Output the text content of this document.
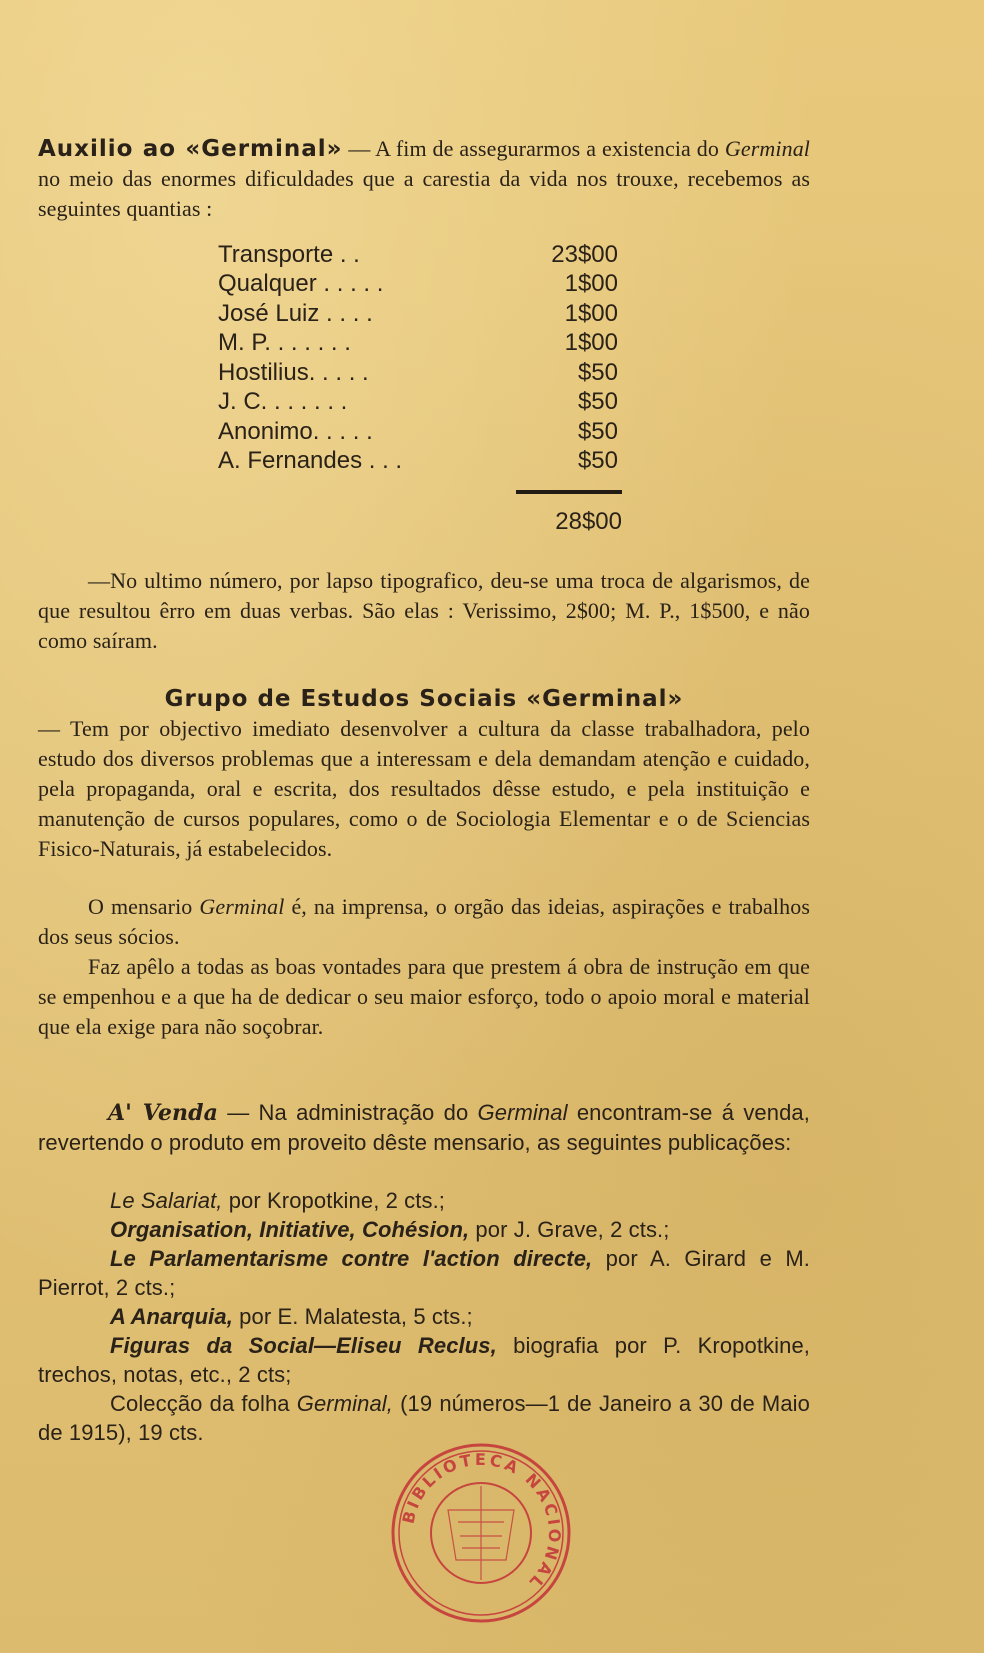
Auxilio ao «Germinal» — A fim de assegurarmos a existencia do Germinal no meio das enormes dificuldades que a carestia da vida nos trouxe, recebemos as seguintes quantias :
Transporte . .	23$00
Qualquer . . . . .	1$00
José Luiz . . . .	1$00
M. P. . . . . . .	1$00
Hostilius. . . . .	$50
J. C. . . . . . .	$50
Anonimo. . . . .	$50
A. Fernandes . . .	$50
28$00
—No ultimo número, por lapso tipografico, deu-se uma troca de algarismos, de que resultou êrro em duas verbas. São elas : Verissimo, 2$00; M. P., 1$500, e não como saíram.
Grupo de Estudos Sociais «Germinal»
— Tem por objectivo imediato desenvolver a cultura da classe trabalhadora, pelo estudo dos diversos problemas que a interessam e dela demandam atenção e cuidado, pela propaganda, oral e escrita, dos resultados dêsse estudo, e pela instituição e manutenção de cursos populares, como o de Sociologia Elementar e o de Sciencias Fisico-Naturais, já estabelecidos.
O mensario Germinal é, na imprensa, o orgão das ideias, aspirações e trabalhos dos seus sócios.
Faz apêlo a todas as boas vontades para que prestem á obra de instrução em que se empenhou e a que ha de dedicar o seu maior esforço, todo o apoio moral e material que ela exige para não soçobrar.
A' Venda — Na administração do Germinal encontram-se á venda, revertendo o produto em proveito dêste mensario, as seguintes publicações:
Le Salariat, por Kropotkine, 2 cts.;
Organisation, Initiative, Cohésion, por J. Grave, 2 cts.;
Le Parlamentarisme contre l'action directe, por A. Girard e M. Pierrot, 2 cts.;
A Anarquia, por E. Malatesta, 5 cts.;
Figuras da Social—Eliseu Reclus, biografia por P. Kropotkine, trechos, notas, etc., 2 cts;
Colecção da folha Germinal, (19 números—1 de Janeiro a 30 de Maio de 1915), 19 cts.
BIBLIOTECA NACIONAL
